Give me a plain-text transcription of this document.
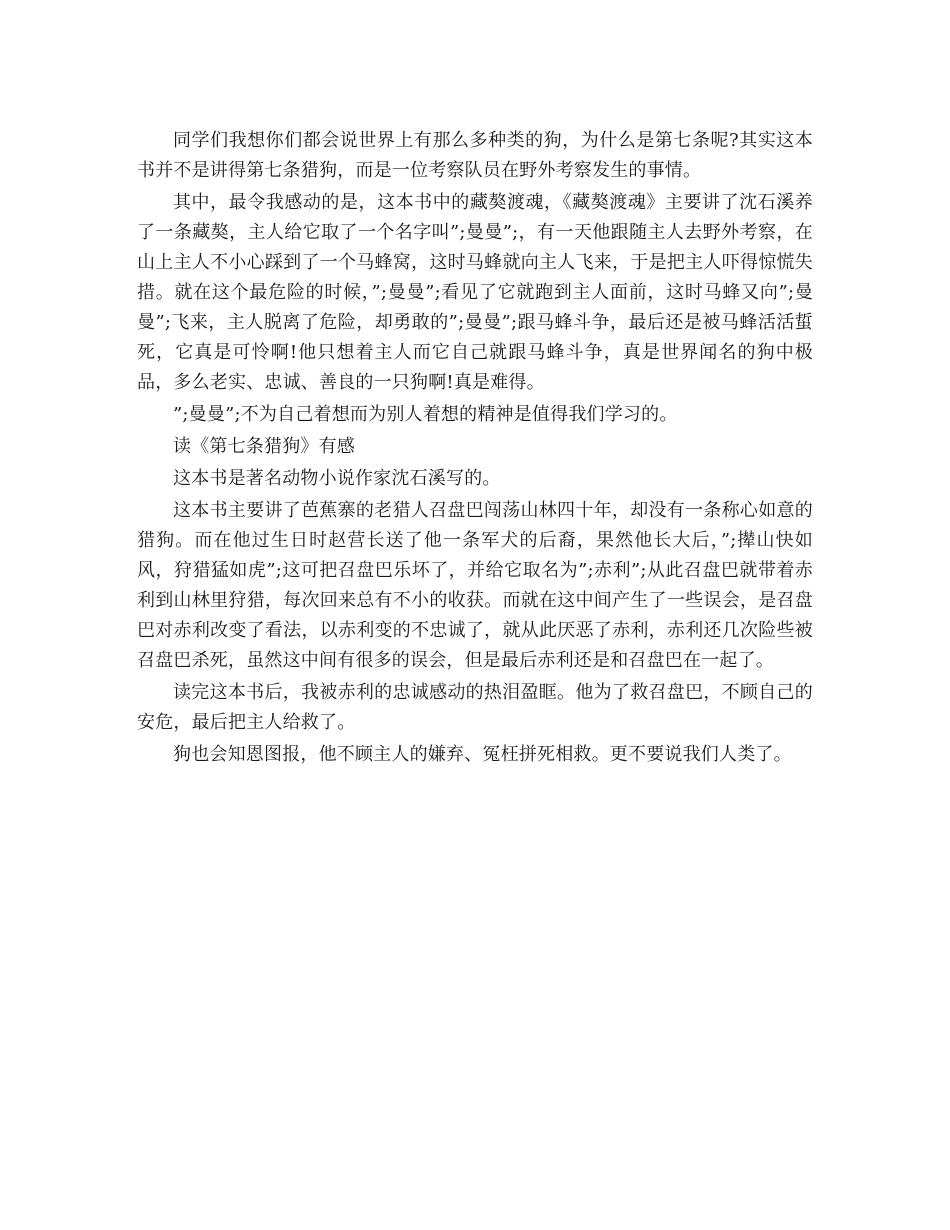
同学们我想你们都会说世界上有那么多种类的狗，为什么是第七条呢?其实这本书并不是讲得第七条猎狗，而是一位考察队员在野外考察发生的事情。

其中，最令我感动的是，这本书中的藏獒渡魂，《藏獒渡魂》主要讲了沈石溪养了一条藏獒，主人给它取了一个名字叫”;曼曼”;，有一天他跟随主人去野外考察，在山上主人不小心踩到了一个马蜂窝，这时马蜂就向主人飞来，于是把主人吓得惊慌失措。就在这个最危险的时候，”;曼曼”;看见了它就跑到主人面前，这时马蜂又向”;曼曼”;飞来，主人脱离了危险，却勇敢的”;曼曼”;跟马蜂斗争，最后还是被马蜂活活蜇死，它真是可怜啊!他只想着主人而它自己就跟马蜂斗争，真是世界闻名的狗中极品，多么老实、忠诚、善良的一只狗啊!真是难得。

”;曼曼”;不为自己着想而为别人着想的精神是值得我们学习的。

读《第七条猎狗》有感

这本书是著名动物小说作家沈石溪写的。

这本书主要讲了芭蕉寨的老猎人召盘巴闯荡山林四十年，却没有一条称心如意的猎狗。而在他过生日时赵营长送了他一条军犬的后裔，果然他长大后，”;撵山快如风，狩猎猛如虎”;这可把召盘巴乐坏了，并给它取名为”;赤利”;从此召盘巴就带着赤利到山林里狩猎，每次回来总有不小的收获。而就在这中间产生了一些误会，是召盘巴对赤利改变了看法，以赤利变的不忠诚了，就从此厌恶了赤利，赤利还几次险些被召盘巴杀死，虽然这中间有很多的误会，但是最后赤利还是和召盘巴在一起了。

读完这本书后，我被赤利的忠诚感动的热泪盈眶。他为了救召盘巴，不顾自己的安危，最后把主人给救了。

狗也会知恩图报，他不顾主人的嫌弃、冤枉拼死相救。更不要说我们人类了。
